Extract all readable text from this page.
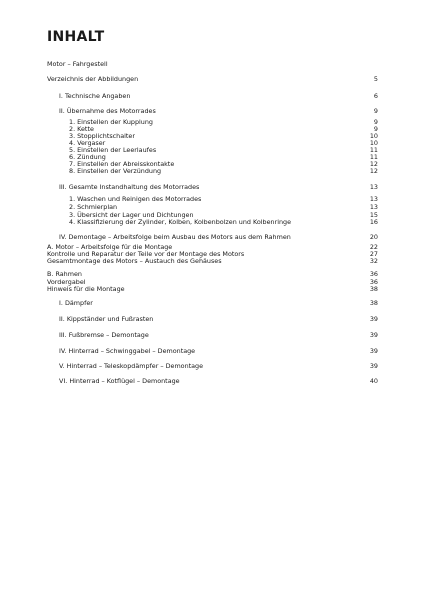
INHALT
Motor – Fahrgestell
Verzeichnis der Abbildungen	5
I. Technische Angaben	6
II. Übernahme des Motorrades	9
1. Einstellen der Kupplung	9
2. Kette	9
3. Stopplichtschalter	10
4. Vergaser	10
5. Einstellen der Leerlaufes	11
6. Zündung	11
7. Einstellen der Abreisskontakte	12
8. Einstellen der Verzündung	12
III. Gesamte Instandhaltung des Motorrades	13
1. Waschen und Reinigen des Motorrades	13
2. Schmierplan	13
3. Übersicht der Lager und Dichtungen	15
4. Klassifizierung der Zylinder, Kolben, Kolbenbolzen und Kolbenringe	16
IV. Demontage – Arbeitsfolge beim Ausbau des Motors aus dem Rahmen	20
A. Motor – Arbeitsfolge für die Montage	22
Kontrolle und Reparatur der Teile vor der Montage des Motors	27
Gesamtmontage des Motors – Austauch des Gehäuses	32
B. Rahmen	36
Vordergabel	36
Hinweis für die Montage	38
I. Dämpfer	38
II. Kippständer und Fußrasten	39
III. Fußbremse – Demontage	39
IV. Hinterrad – Schwinggabel – Demontage	39
V. Hinterrad – Teleskopdämpfer – Demontage	39
VI. Hinterrad – Kotflügel – Demontage	40
